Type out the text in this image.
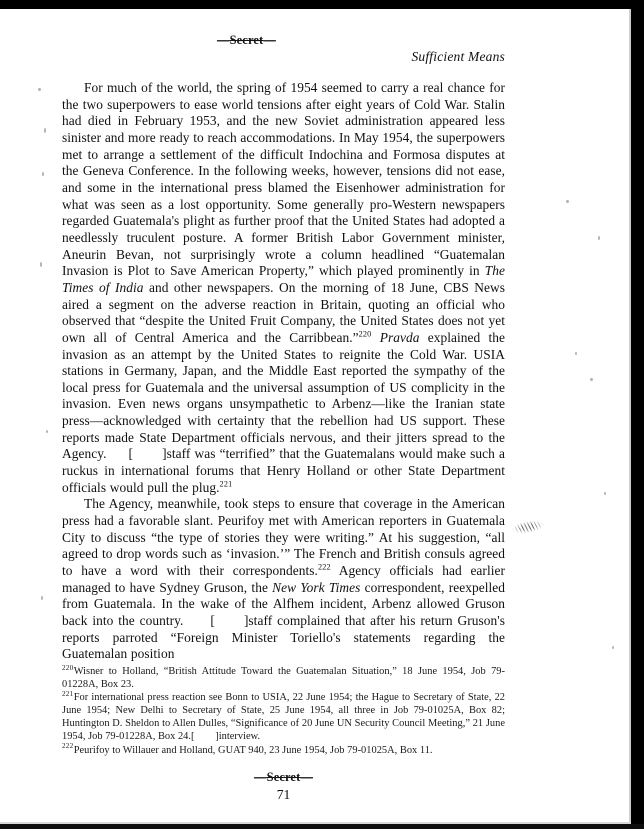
— Secret —
Sufficient Means

For much of the world, the spring of 1954 seemed to carry a real chance for the two superpowers to ease world tensions after eight years of Cold War. Stalin had died in February 1953, and the new Soviet administration appeared less sinister and more ready to reach accommodations. In May 1954, the superpowers met to arrange a settlement of the difficult Indochina and Formosa disputes at the Geneva Conference. In the following weeks, however, tensions did not ease, and some in the international press blamed the Eisenhower administration for what was seen as a lost opportunity. Some generally pro-Western newspapers regarded Guatemala's plight as further proof that the United States had adopted a needlessly truculent posture. A former British Labor Government minister, Aneurin Bevan, not surprisingly wrote a column headlined “Guatemalan Invasion is Plot to Save American Property,” which played prominently in The Times of India and other newspapers. On the morning of 18 June, CBS News aired a segment on the adverse reaction in Britain, quoting an official who observed that “despite the United Fruit Company, the United States does not yet own all of Central America and the Carribbean.”$^{220}$ Pravda explained the invasion as an attempt by the United States to reignite the Cold War. USIA stations in Germany, Japan, and the Middle East reported the sympathy of the local press for Guatemala and the universal assumption of US complicity in the invasion. Even news organs unsympathetic to Arbenz—like the Iranian state press—acknowledged with certainty that the rebellion had US support. These reports made State Department officials nervous, and their jitters spread to the Agency. [        ]staff was “terrified” that the Guatemalans would make such a ruckus in international forums that Henry Holland or other State Department officials would pull the plug.$^{221}$

The Agency, meanwhile, took steps to ensure that coverage in the American press had a favorable slant. Peurifoy met with American reporters in Guatemala City to discuss “the type of stories they were writing.” At his suggestion, “all agreed to drop words such as ‘invasion.’” The French and British consuls agreed to have a word with their correspondents.$^{222}$ Agency officials had earlier managed to have Sydney Gruson, the New York Times correspondent, reexpelled from Guatemala. In the wake of the Alfhem incident, Arbenz allowed Gruson back into the country. [        ]staff complained that after his return Gruson's reports parroted “Foreign Minister Toriello's statements regarding the Guatemalan position

$^{220}$Wisner to Holland, “British Attitude Toward the Guatemalan Situation,” 18 June 1954, Job 79-01228A, Box 23.

$^{221}$For international press reaction see Bonn to USIA, 22 June 1954; the Hague to Secretary of State, 22 June 1954; New Delhi to Secretary of State, 25 June 1954, all three in Job 79-01025A, Box 82; Huntington D. Sheldon to Allen Dulles, “Significance of 20 June UN Security Council Meeting,” 21 June 1954, Job 79-01228A, Box 24.[        ]interview.

$^{222}$Peurifoy to Willauer and Holland, GUAT 940, 23 June 1954, Job 79-01025A, Box 11.

— Secret —
71
